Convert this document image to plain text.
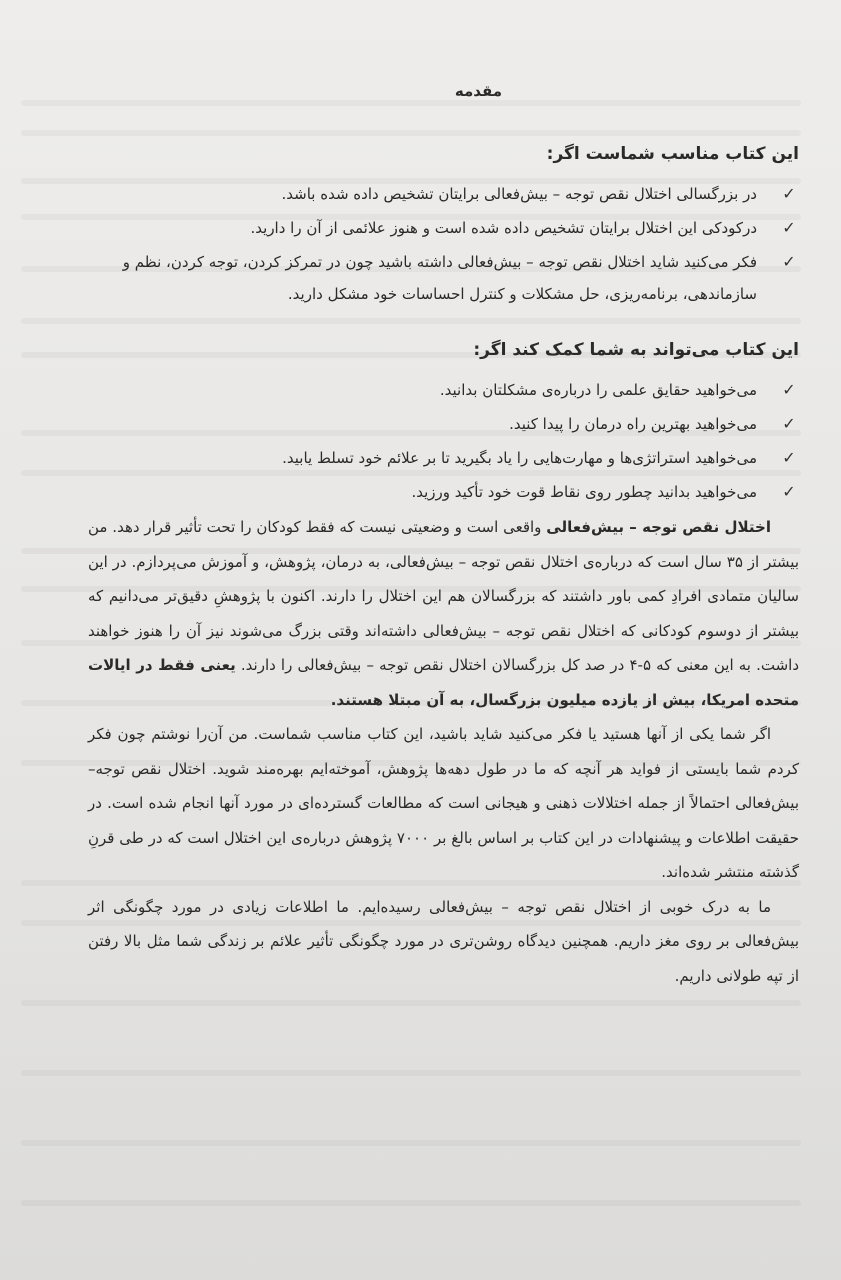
مقدمه
این کتاب مناسب شماست اگر:
✓
در بزرگسالی اختلال نقص توجه – بیش‌فعالی برایتان تشخیص داده شده باشد.
✓
درکودکی این اختلال برایتان تشخیص داده شده است و هنوز علائمی از آن را دارید.
✓
فکر می‌کنید شاید اختلال نقص توجه – بیش‌فعالی داشته باشید چون در تمرکز کردن، توجه کردن، نظم و سازماندهی، برنامه‌ریزی، حل مشکلات و کنترل احساسات خود مشکل دارید.
این کتاب می‌تواند به شما کمک کند اگر:
✓
می‌خواهید حقایق علمی را درباره‌ی مشکلتان بدانید.
✓
می‌خواهید بهترین راه درمان را پیدا کنید.
✓
می‌خواهید استراتژی‌ها و مهارت‌هایی را یاد بگیرید تا بر علائم خود تسلط یابید.
✓
می‌خواهید بدانید چطور روی نقاط قوت خود تأکید ورزید.

اختلال نقص توجه – بیش‌فعالی واقعی است و وضعیتی نیست که فقط کودکان را تحت تأثیر قرار دهد. من بیشتر از ۳۵ سال است که درباره‌ی اختلال نقص توجه – بیش‌فعالی، به درمان، پژوهش، و آموزش می‌پردازم. در این سالیان متمادی افرادِ کمی باور داشتند که بزرگسالان هم این اختلال را دارند. اکنون با پژوهشِ دقیق‌تر می‌دانیم که بیشتر از دوسوم کودکانی که اختلال نقص توجه – بیش‌فعالی داشته‌اند وقتی بزرگ می‌شوند نیز آن را هنوز خواهند داشت. به این معنی که ۵-۴ در صد کل بزرگسالان اختلال نقص توجه – بیش‌فعالی را دارند. یعنی فقط در ایالات متحده امریکا، بیش از یازده میلیون بزرگسال، به آن مبتلا هستند.

اگر شما یکی از آنها هستید یا فکر می‌کنید شاید باشید، این کتاب مناسب شماست. من آن‌را نوشتم چون فکر کردم شما بایستی از فواید هر آنچه که ما در طول دهه‌ها پژوهش، آموخته‌ایم بهره‌مند شوید. اختلال نقص توجه– بیش‌فعالی احتمالاً از جمله اختلالات ذهنی و هیجانی است که مطالعات گسترده‌ای در مورد آنها انجام شده است. در حقیقت اطلاعات و پیشنهادات در این کتاب بر اساس بالغ بر ۷۰۰۰ پژوهش درباره‌ی این اختلال است که در طی قرنِ گذشته منتشر شده‌اند.

ما به درک خوبی از اختلال نقص توجه – بیش‌فعالی رسیده‌ایم. ما اطلاعات زیادی در مورد چگونگی اثر بیش‌فعالی بر روی مغز داریم. همچنین دیدگاه روشن‌تری در مورد چگونگی تأثیر علائم بر زندگی شما مثل بالا رفتن از تپه طولانی داریم.
